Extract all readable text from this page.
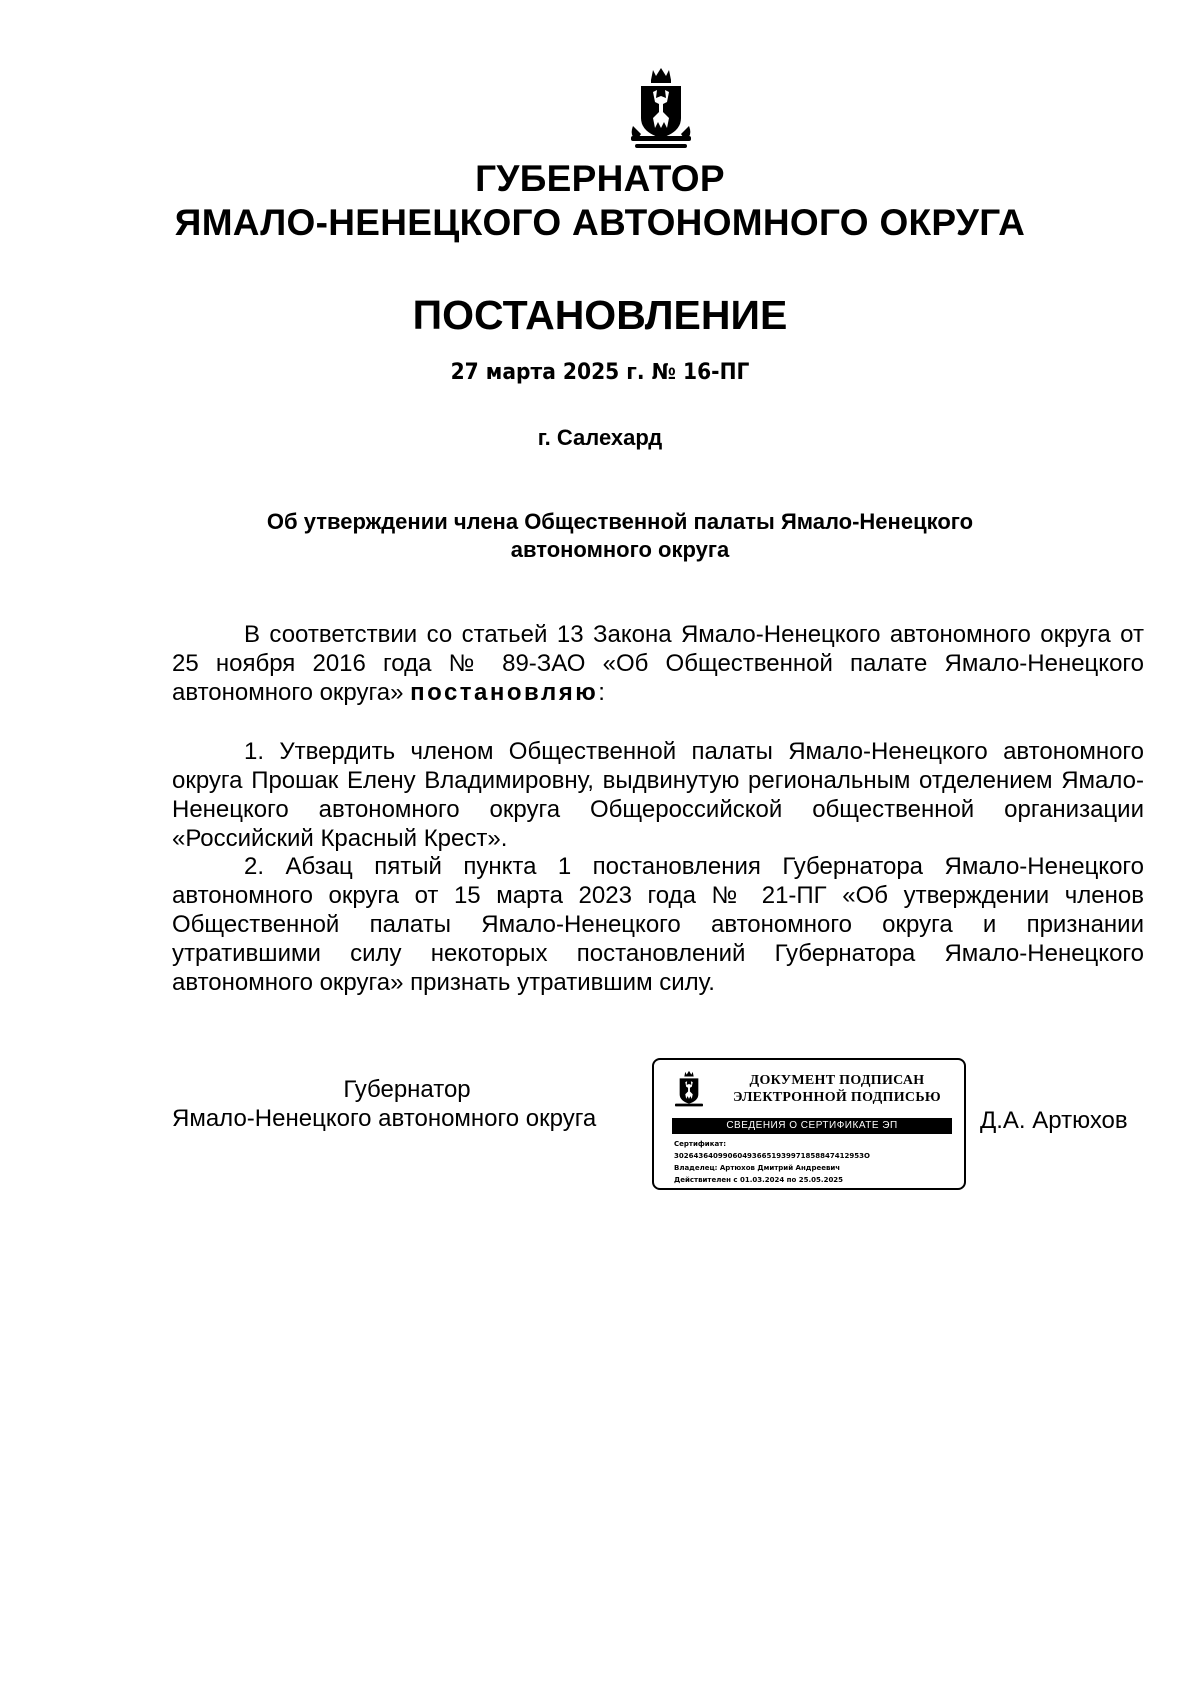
ГУБЕРНАТОР
ЯМАЛО-НЕНЕЦКОГО АВТОНОМНОГО ОКРУГА
ПОСТАНОВЛЕНИЕ
27 марта 2025 г. № 16-ПГ
г. Салехард
Об утверждении члена Общественной палаты Ямало-Ненецкого
автономного округа

В соответствии со статьей 13 Закона Ямало-Ненецкого автономного округа от 25 ноября 2016 года № 89-ЗАО «Об Общественной палате Ямало-Ненецкого автономного округа» постановляю:

1. Утвердить членом Общественной палаты Ямало-Ненецкого автономного округа Прошак Елену Владимировну, выдвинутую региональным отделением Ямало-Ненецкого автономного округа Общероссийской общественной организации «Российский Красный Крест».

2. Абзац пятый пункта 1 постановления Губернатора Ямало-Ненецкого автономного округа от 15 марта 2023 года № 21-ПГ «Об утверждении членов Общественной палаты Ямало-Ненецкого автономного округа и признании утратившими силу некоторых постановлений Губернатора Ямало-Ненецкого автономного округа» признать утратившим силу.

Губернатор
Ямало-Ненецкого автономного округа
ДОКУМЕНТ ПОДПИСАН
ЭЛЕКТРОННОЙ ПОДПИСЬЮ
СВЕДЕНИЯ О СЕРТИФИКАТЕ ЭП
Сертификат:
302643640990604936651939971858847412953О
Владелец: Артюхов Дмитрий Андреевич
Действителен с 01.03.2024 по 25.05.2025
Д.А. Артюхов
